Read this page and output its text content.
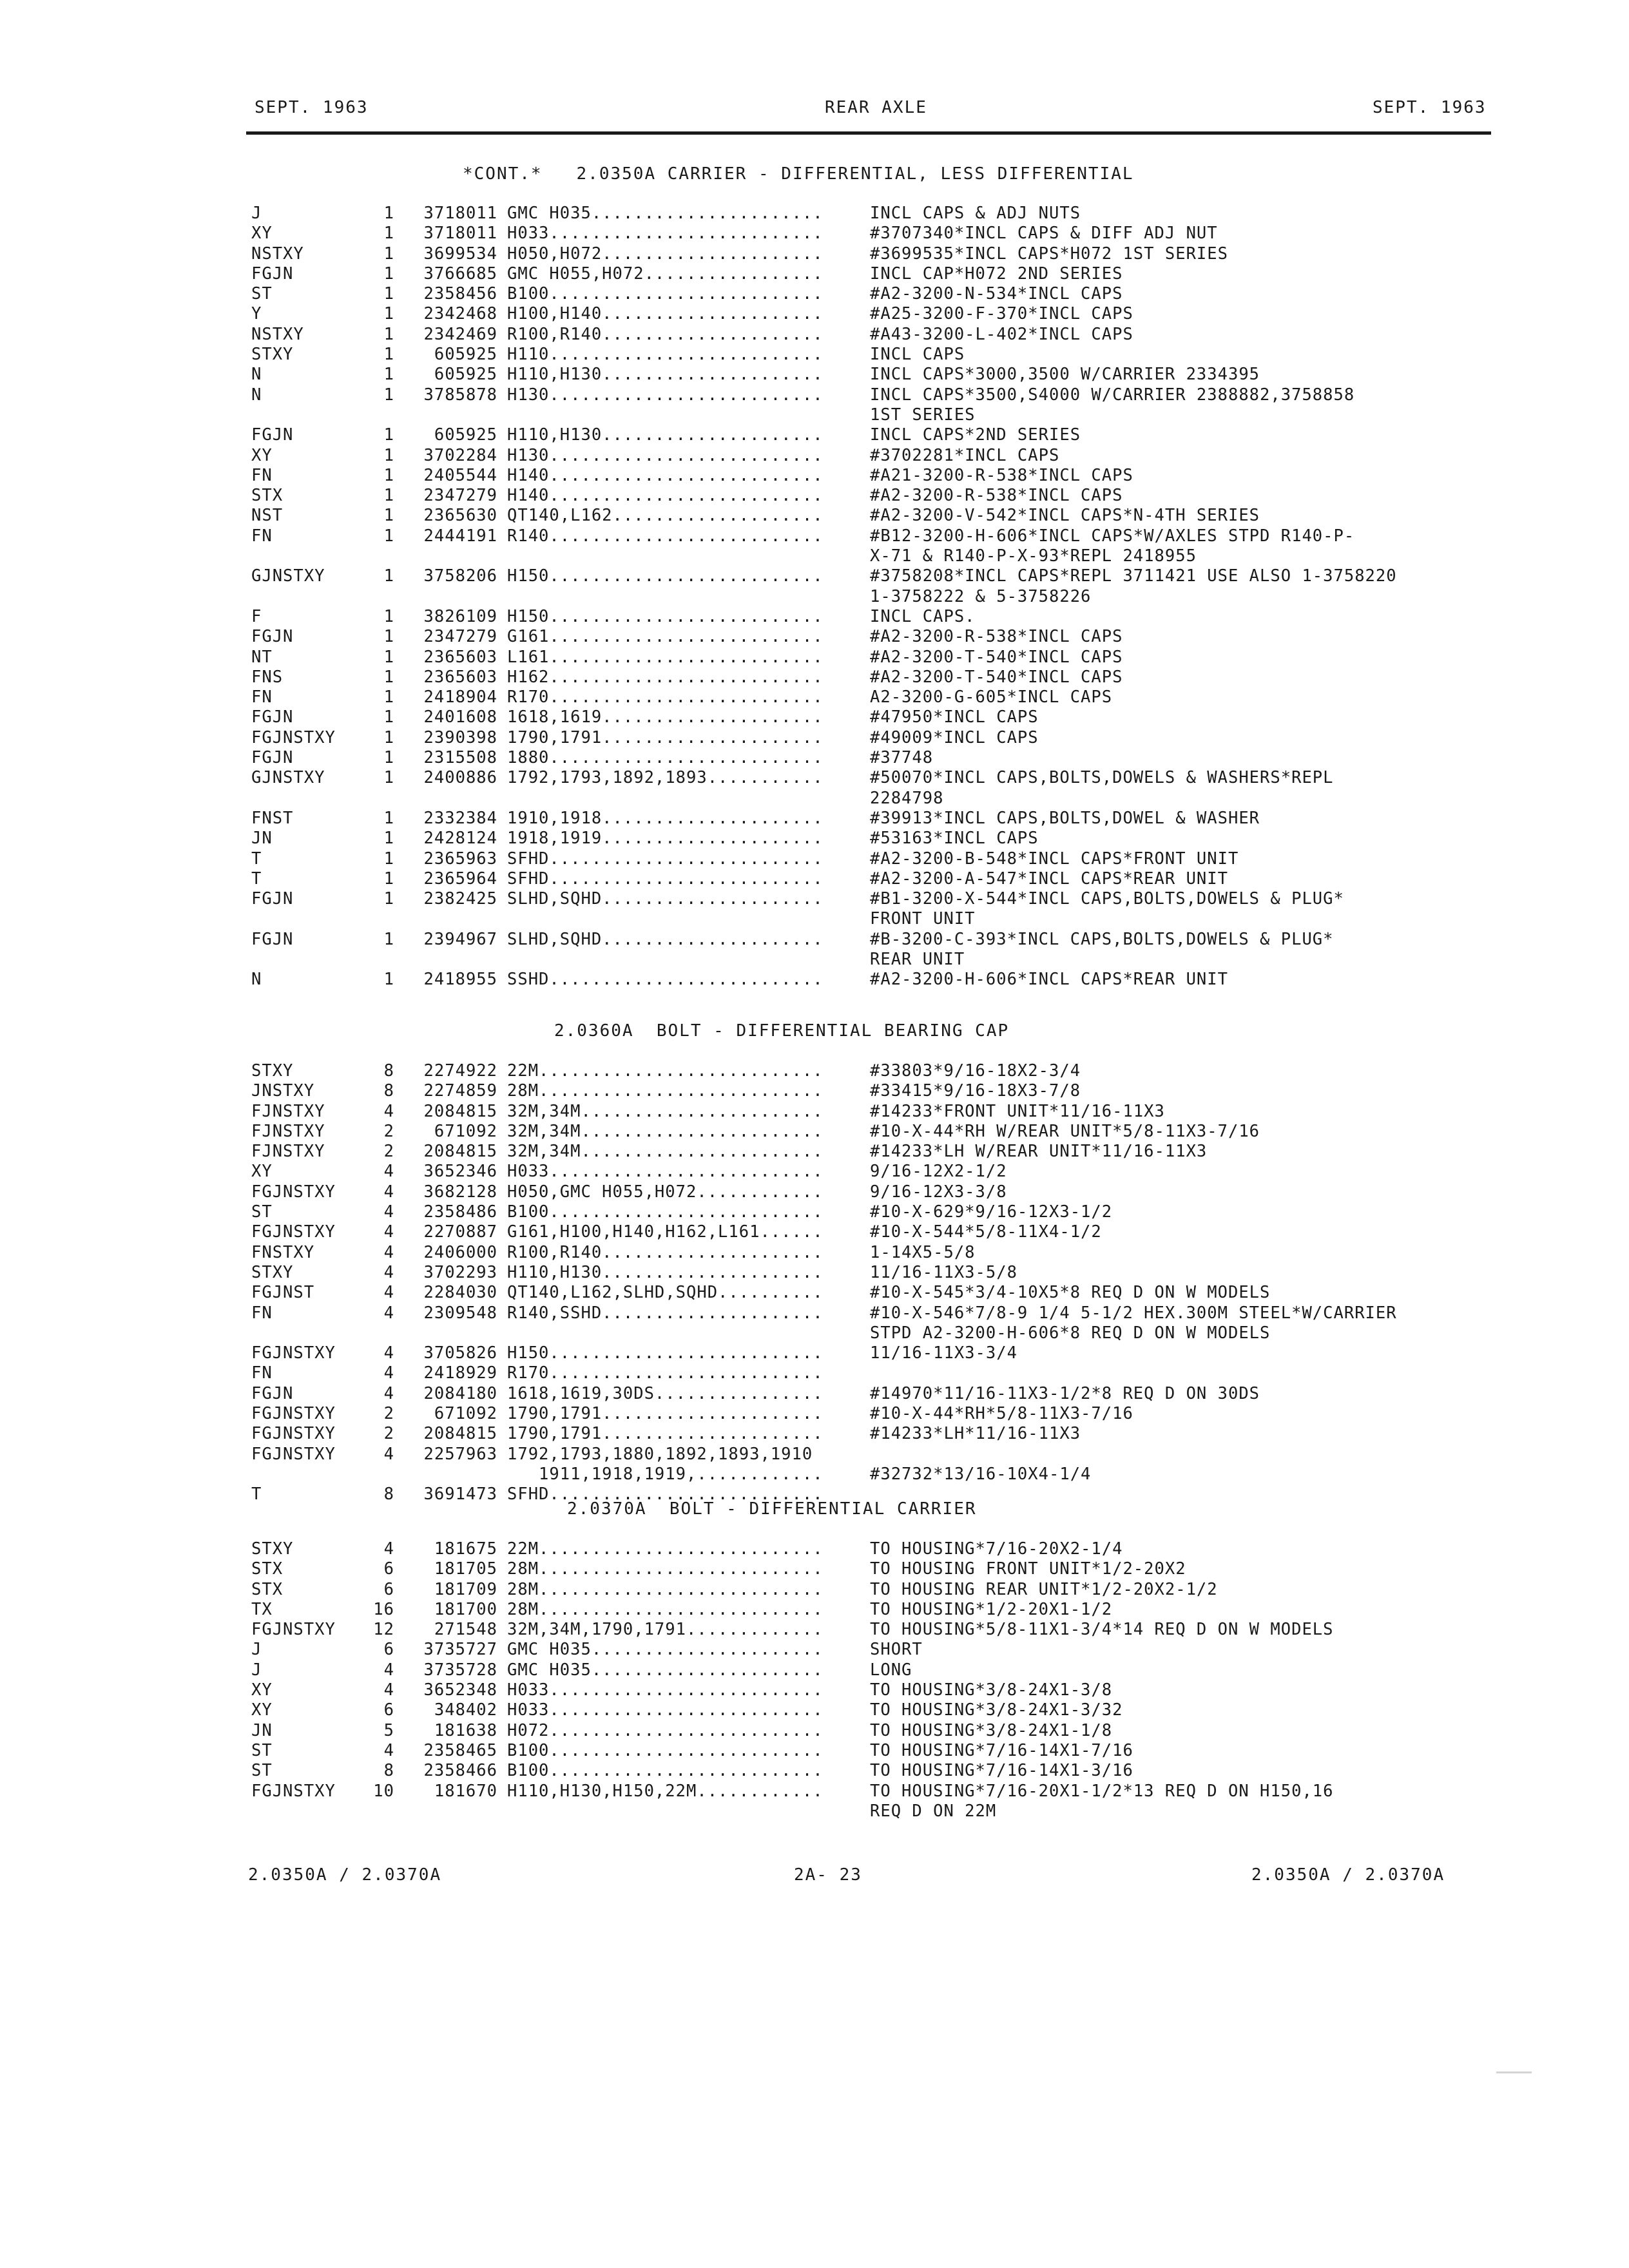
SEPT. 1963	REAR AXLE	SEPT. 1963
*CONT.*   2.0350A CARRIER - DIFFERENTIAL, LESS DIFFERENTIAL
J	1	3718011 GMC H035......................	INCL CAPS & ADJ NUTS
XY	1	3718011 H033..........................	#3707340*INCL CAPS & DIFF ADJ NUT
NSTXY	1	3699534 H050,H072.....................	#3699535*INCL CAPS*H072 1ST SERIES
FGJN	1	3766685 GMC H055,H072.................	INCL CAP*H072 2ND SERIES
ST	1	2358456 B100..........................	#A2-3200-N-534*INCL CAPS
Y	1	2342468 H100,H140.....................	#A25-3200-F-370*INCL CAPS
NSTXY	1	2342469 R100,R140.....................	#A43-3200-L-402*INCL CAPS
STXY	1	605925 H110..........................	INCL CAPS
N	1	605925 H110,H130.....................	INCL CAPS*3000,3500 W/CARRIER 2334395
N	1	3785878 H130..........................	INCL CAPS*3500,S4000 W/CARRIER 2388882,3758858
1ST SERIES
FGJN	1	605925 H110,H130.....................	INCL CAPS*2ND SERIES
XY	1	3702284 H130..........................	#3702281*INCL CAPS
FN	1	2405544 H140..........................	#A21-3200-R-538*INCL CAPS
STX	1	2347279 H140..........................	#A2-3200-R-538*INCL CAPS
NST	1	2365630 QT140,L162....................	#A2-3200-V-542*INCL CAPS*N-4TH SERIES
FN	1	2444191 R140..........................	#B12-3200-H-606*INCL CAPS*W/AXLES STPD R140-P-
X-71 & R140-P-X-93*REPL 2418955
GJNSTXY	1	3758206 H150..........................	#3758208*INCL CAPS*REPL 3711421 USE ALSO 1-3758220
1-3758222 & 5-3758226
F	1	3826109 H150..........................	INCL CAPS.
FGJN	1	2347279 G161..........................	#A2-3200-R-538*INCL CAPS
NT	1	2365603 L161..........................	#A2-3200-T-540*INCL CAPS
FNS	1	2365603 H162..........................	#A2-3200-T-540*INCL CAPS
FN	1	2418904 R170..........................	A2-3200-G-605*INCL CAPS
FGJN	1	2401608 1618,1619.....................	#47950*INCL CAPS
FGJNSTXY	1	2390398 1790,1791.....................	#49009*INCL CAPS
FGJN	1	2315508 1880..........................	#37748
GJNSTXY	1	2400886 1792,1793,1892,1893...........	#50070*INCL CAPS,BOLTS,DOWELS & WASHERS*REPL
2284798
FNST	1	2332384 1910,1918.....................	#39913*INCL CAPS,BOLTS,DOWEL & WASHER
JN	1	2428124 1918,1919.....................	#53163*INCL CAPS
T	1	2365963 SFHD..........................	#A2-3200-B-548*INCL CAPS*FRONT UNIT
T	1	2365964 SFHD..........................	#A2-3200-A-547*INCL CAPS*REAR UNIT
FGJN	1	2382425 SLHD,SQHD.....................	#B1-3200-X-544*INCL CAPS,BOLTS,DOWELS & PLUG*
FRONT UNIT
FGJN	1	2394967 SLHD,SQHD.....................	#B-3200-C-393*INCL CAPS,BOLTS,DOWELS & PLUG*
REAR UNIT
N	1	2418955 SSHD..........................	#A2-3200-H-606*INCL CAPS*REAR UNIT
2.0360A  BOLT - DIFFERENTIAL BEARING CAP
STXY	8	2274922 22M...........................	#33803*9/16-18X2-3/4
JNSTXY	8	2274859 28M...........................	#33415*9/16-18X3-7/8
FJNSTXY	4	2084815 32M,34M.......................	#14233*FRONT UNIT*11/16-11X3
FJNSTXY	2	671092 32M,34M.......................	#10-X-44*RH W/REAR UNIT*5/8-11X3-7/16
FJNSTXY	2	2084815 32M,34M.......................	#14233*LH W/REAR UNIT*11/16-11X3
XY	4	3652346 H033..........................	9/16-12X2-1/2
FGJNSTXY	4	3682128 H050,GMC H055,H072............	9/16-12X3-3/8
ST	4	2358486 B100..........................	#10-X-629*9/16-12X3-1/2
FGJNSTXY	4	2270887 G161,H100,H140,H162,L161......	#10-X-544*5/8-11X4-1/2
FNSTXY	4	2406000 R100,R140.....................	1-14X5-5/8
STXY	4	3702293 H110,H130.....................	11/16-11X3-5/8
FGJNST	4	2284030 QT140,L162,SLHD,SQHD..........	#10-X-545*3/4-10X5*8 REQ D ON W MODELS
FN	4	2309548 R140,SSHD.....................	#10-X-546*7/8-9 1/4 5-1/2 HEX.300M STEEL*W/CARRIER
STPD A2-3200-H-606*8 REQ D ON W MODELS
FGJNSTXY	4	3705826 H150..........................	11/16-11X3-3/4
FN	4	2418929 R170..........................
FGJN	4	2084180 1618,1619,30DS................	#14970*11/16-11X3-1/2*8 REQ D ON 30DS
FGJNSTXY	2	671092 1790,1791.....................	#10-X-44*RH*5/8-11X3-7/16
FGJNSTXY	2	2084815 1790,1791.....................	#14233*LH*11/16-11X3
FGJNSTXY	4	2257963 1792,1793,1880,1892,1893,1910
1911,1918,1919,............	#32732*13/16-10X4-1/4
T	8	3691473 SFHD..........................
2.0370A  BOLT - DIFFERENTIAL CARRIER
STXY	4	181675 22M...........................	TO HOUSING*7/16-20X2-1/4
STX	6	181705 28M...........................	TO HOUSING FRONT UNIT*1/2-20X2
STX	6	181709 28M...........................	TO HOUSING REAR UNIT*1/2-20X2-1/2
TX	16	181700 28M...........................	TO HOUSING*1/2-20X1-1/2
FGJNSTXY	12	271548 32M,34M,1790,1791.............	TO HOUSING*5/8-11X1-3/4*14 REQ D ON W MODELS
J	6	3735727 GMC H035......................	SHORT
J	4	3735728 GMC H035......................	LONG
XY	4	3652348 H033..........................	TO HOUSING*3/8-24X1-3/8
XY	6	348402 H033..........................	TO HOUSING*3/8-24X1-3/32
JN	5	181638 H072..........................	TO HOUSING*3/8-24X1-1/8
ST	4	2358465 B100..........................	TO HOUSING*7/16-14X1-7/16
ST	8	2358466 B100..........................	TO HOUSING*7/16-14X1-3/16
FGJNSTXY	10	181670 H110,H130,H150,22M............	TO HOUSING*7/16-20X1-1/2*13 REQ D ON H150,16
REQ D ON 22M
2.0350A / 2.0370A	2A- 23	2.0350A / 2.0370A
